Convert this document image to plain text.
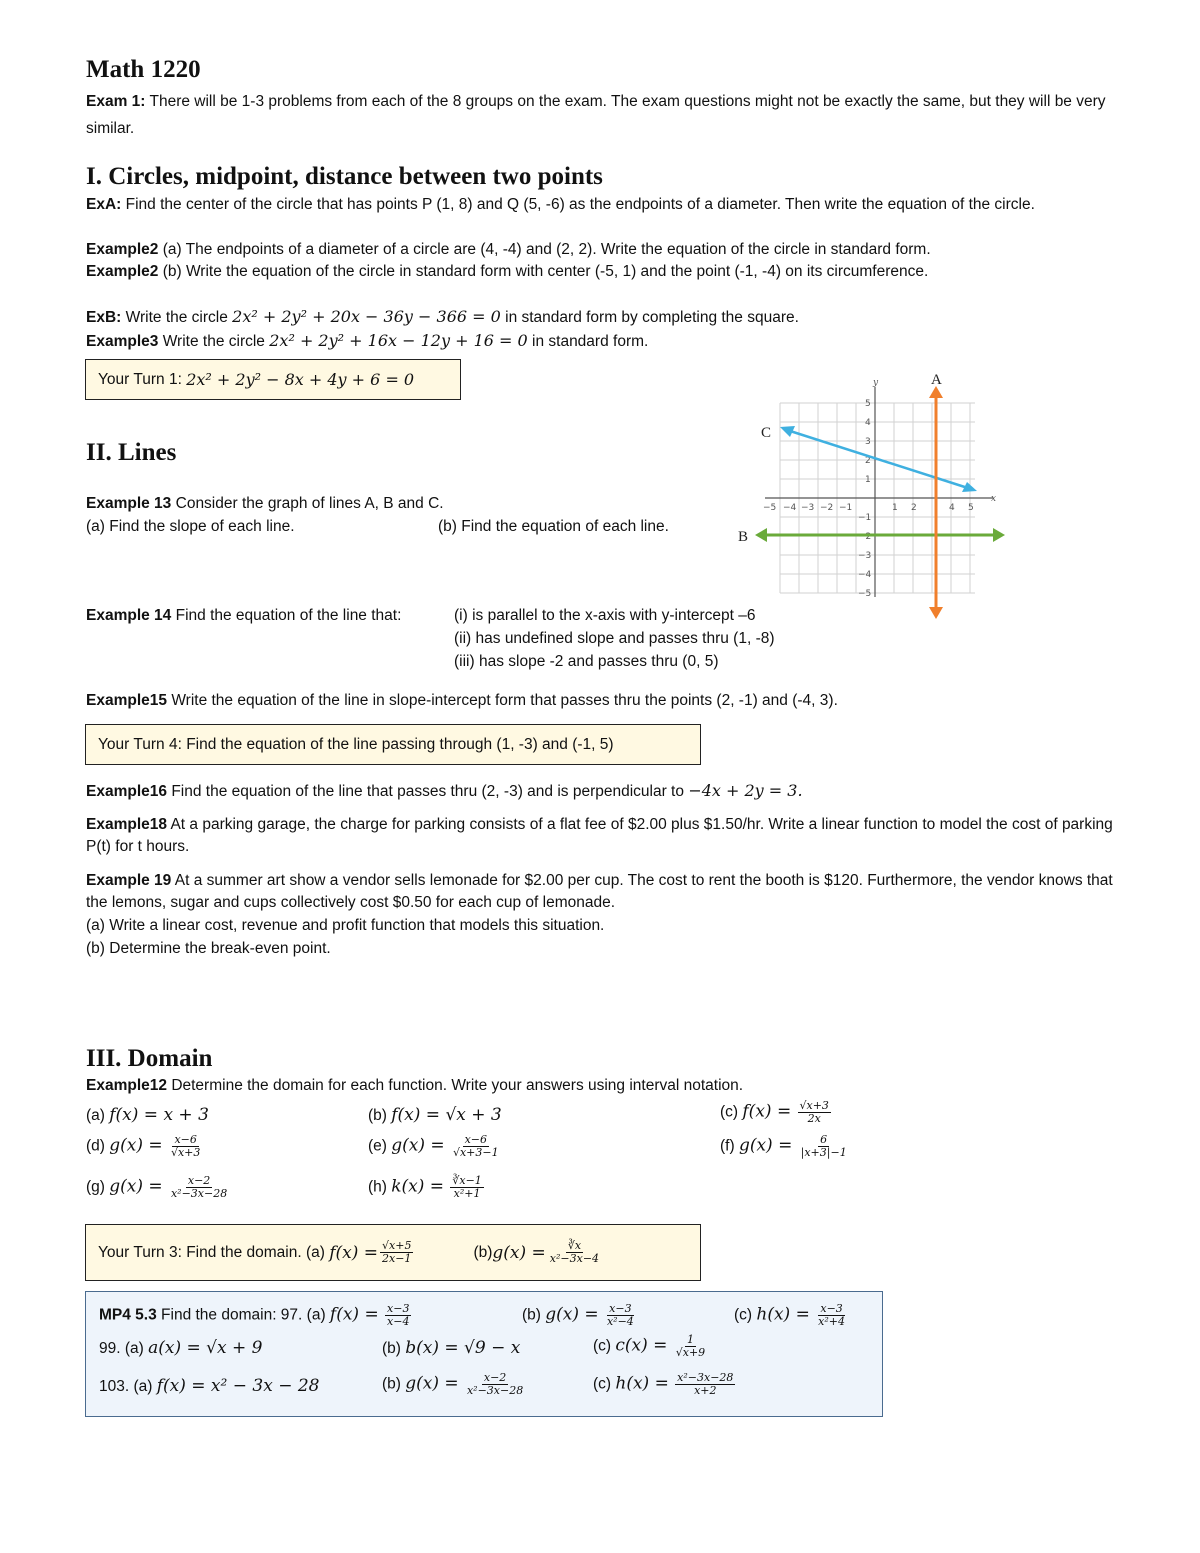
Math 1220
Exam 1: There will be 1-3 problems from each of the 8 groups on the exam. The exam questions might not be exactly the same, but they will be very similar.
I. Circles, midpoint, distance between two points
ExA: Find the center of the circle that has points P (1, 8) and Q (5, -6) as the endpoints of a diameter. Then write the equation of the circle.
Example2 (a) The endpoints of a diameter of a circle are (4, -4) and (2, 2). Write the equation of the circle in standard form.
Example2 (b) Write the equation of the circle in standard form with center (-5, 1) and the point (-1, -4) on its circumference.
ExB: Write the circle 2x² + 2y² + 20x − 36y − 366 = 0 in standard form by completing the square.
Example3 Write the circle 2x² + 2y² + 16x − 12y + 16 = 0 in standard form.
Your Turn 1:
2x² + 2y² − 8x + 4y + 6 = 0
II. Lines
Example 13 Consider the graph of lines A, B and C.
(a) Find the slope of each line.	(b) Find the equation of each line.
y
x
−5 −4 −3 −2 −1	1 2	4 5
5
4
3
2
1
−1
−2
−3
−4
−5
A
C
B
Example 14 Find the equation of the line that:	(i) is parallel to the x-axis with y-intercept –6
(ii) has undefined slope and passes thru (1, -8)
(iii) has slope -2 and passes thru (0, 5)
Example15 Write the equation of the line in slope-intercept form that passes thru the points (2, -1) and (-4, 3).
Your Turn 4:
Find the equation of the line passing through (1, -3) and (-1, 5)
Example16 Find the equation of the line that passes thru (2, -3) and is perpendicular to −4x + 2y = 3.
Example18 At a parking garage, the charge for parking consists of a flat fee of $2.00 plus $1.50/hr. Write a linear function to model the cost of parking P(t) for t hours.
Example 19 At a summer art show a vendor sells lemonade for $2.00 per cup. The cost to rent the booth is $120. Furthermore, the vendor knows that the lemons, sugar and cups collectively cost $0.50 for each cup of lemonade.
(a) Write a linear cost, revenue and profit function that models this situation.
(b) Determine the break-even point.
III. Domain
Example12 Determine the domain for each function. Write your answers using interval notation.
(a) f(x) = x + 3	(b) f(x) = √x + 3	(c) $f(x) = \frac{√x+3}{2x}$
(d) $g(x) = \frac{x-6}{√x+3}$	(e) $g(x) = \frac{x-6}{√x+3-1}$	(f) $g(x) = \frac{6}{|x+3|-1}$
(g) $g(x) = \frac{x-2}{\text{x²−3x−28}}$	(h) $k(x) = \frac{∛x-1}{\text{x²+1}}$
Your Turn 3:
Find the domain. (a)
$f(x) = \frac{√x+5}{2x-1}$	(b) $g(x) = \frac{∛x}{\text{x²−3x−4}}$
MP4 5.3 Find the domain: 97. (a) $f(x) = \frac{x-3}{x-4}$	(b) $g(x) = \frac{x-3}{\text{x²−4}}$	(c) $h(x) = \frac{x-3}{\text{x²+4}}$
99. (a) a(x) = √x + 9	(b) b(x) = √9 − x	(c) $c(x) = \frac{1}{√x+9}$
103. (a) f(x) = x² − 3x − 28	(b) $g(x) = \frac{x-2}{\text{x²−3x−28}}$	(c) $h(x) = \frac{\text{x²−3x−28}}{x+2}$
